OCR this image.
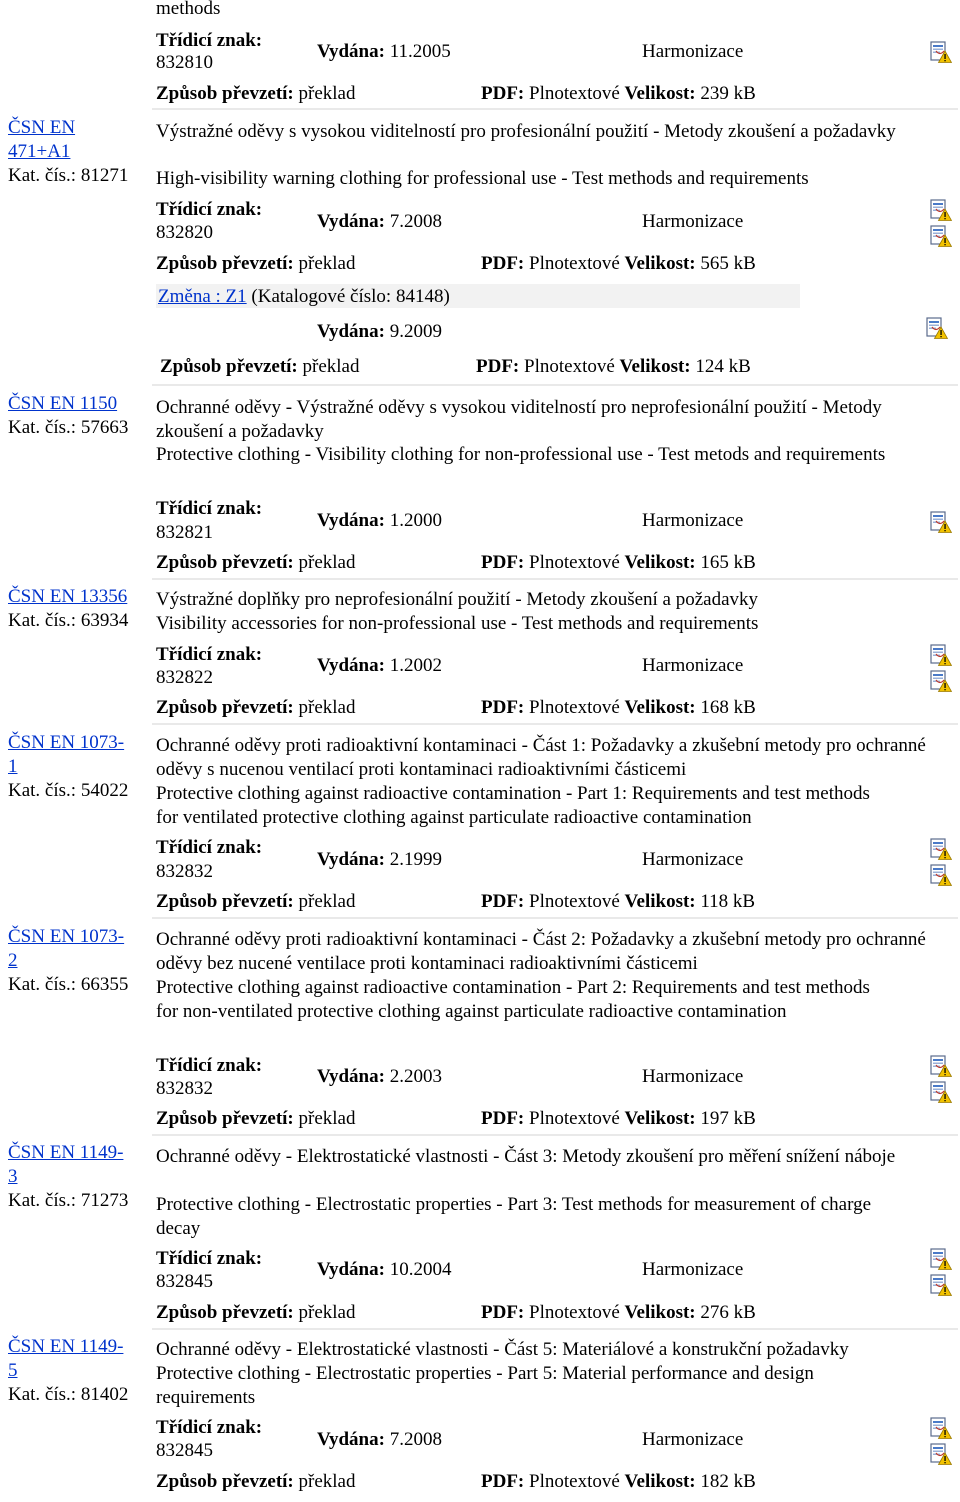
methods
Třídicí znak:
832810
Vydána: 11.2005	Harmonizace
Způsob převzetí: překlad	PDF: Plnotextové Velikost: 239 kB
ČSN EN
471+A1
Kat. čís.: 81271
Výstražné oděvy s vysokou viditelností pro profesionální použití - Metody zkoušení a požadavky
High-visibility warning clothing for professional use - Test methods and requirements
Třídicí znak:
832820
Vydána: 7.2008	Harmonizace
Způsob převzetí: překlad	PDF: Plnotextové Velikost: 565 kB
Změna : Z1 (Katalogové číslo: 84148)
Vydána: 9.2009
Způsob převzetí: překlad	PDF: Plnotextové Velikost: 124 kB
ČSN EN 1150
Kat. čís.: 57663
Ochranné oděvy - Výstražné oděvy s vysokou viditelností pro neprofesionální použití - Metody zkoušení a požadavky
Protective clothing - Visibility clothing for non-professional use - Test metods and requirements
Třídicí znak:
832821
Vydána: 1.2000	Harmonizace
Způsob převzetí: překlad	PDF: Plnotextové Velikost: 165 kB
ČSN EN 13356
Kat. čís.: 63934
Výstražné doplňky pro neprofesionální použití - Metody zkoušení a požadavky
Visibility accessories for non-professional use - Test methods and requirements
Třídicí znak:
832822
Vydána: 1.2002	Harmonizace
Způsob převzetí: překlad	PDF: Plnotextové Velikost: 168 kB
ČSN EN 1073-
1
Kat. čís.: 54022
Ochranné oděvy proti radioaktivní kontaminaci - Část 1: Požadavky a zkušební metody pro ochranné oděvy s nucenou ventilací proti kontaminaci radioaktivními částicemi
Protective clothing against radioactive contamination - Part 1: Requirements and test methods for ventilated protective clothing against particulate radioactive contamination
Třídicí znak:
832832
Vydána: 2.1999	Harmonizace
Způsob převzetí: překlad	PDF: Plnotextové Velikost: 118 kB
ČSN EN 1073-
2
Kat. čís.: 66355
Ochranné oděvy proti radioaktivní kontaminaci - Část 2: Požadavky a zkušební metody pro ochranné oděvy bez nucené ventilace proti kontaminaci radioaktivními částicemi
Protective clothing against radioactive contamination - Part 2: Requirements and test methods for non-ventilated protective clothing against particulate radioactive contamination
Třídicí znak:
832832
Vydána: 2.2003	Harmonizace
Způsob převzetí: překlad	PDF: Plnotextové Velikost: 197 kB
ČSN EN 1149-
3
Kat. čís.: 71273
Ochranné oděvy - Elektrostatické vlastnosti - Část 3: Metody zkoušení pro měření snížení náboje
Protective clothing - Electrostatic properties - Part 3: Test methods for measurement of charge decay
Třídicí znak:
832845
Vydána: 10.2004	Harmonizace
Způsob převzetí: překlad	PDF: Plnotextové Velikost: 276 kB
ČSN EN 1149-
5
Kat. čís.: 81402
Ochranné oděvy - Elektrostatické vlastnosti - Část 5: Materiálové a konstrukční požadavky
Protective clothing - Electrostatic properties - Part 5: Material performance and design requirements
Třídicí znak:
832845
Vydána: 7.2008	Harmonizace
Způsob převzetí: překlad	PDF: Plnotextové Velikost: 182 kB
